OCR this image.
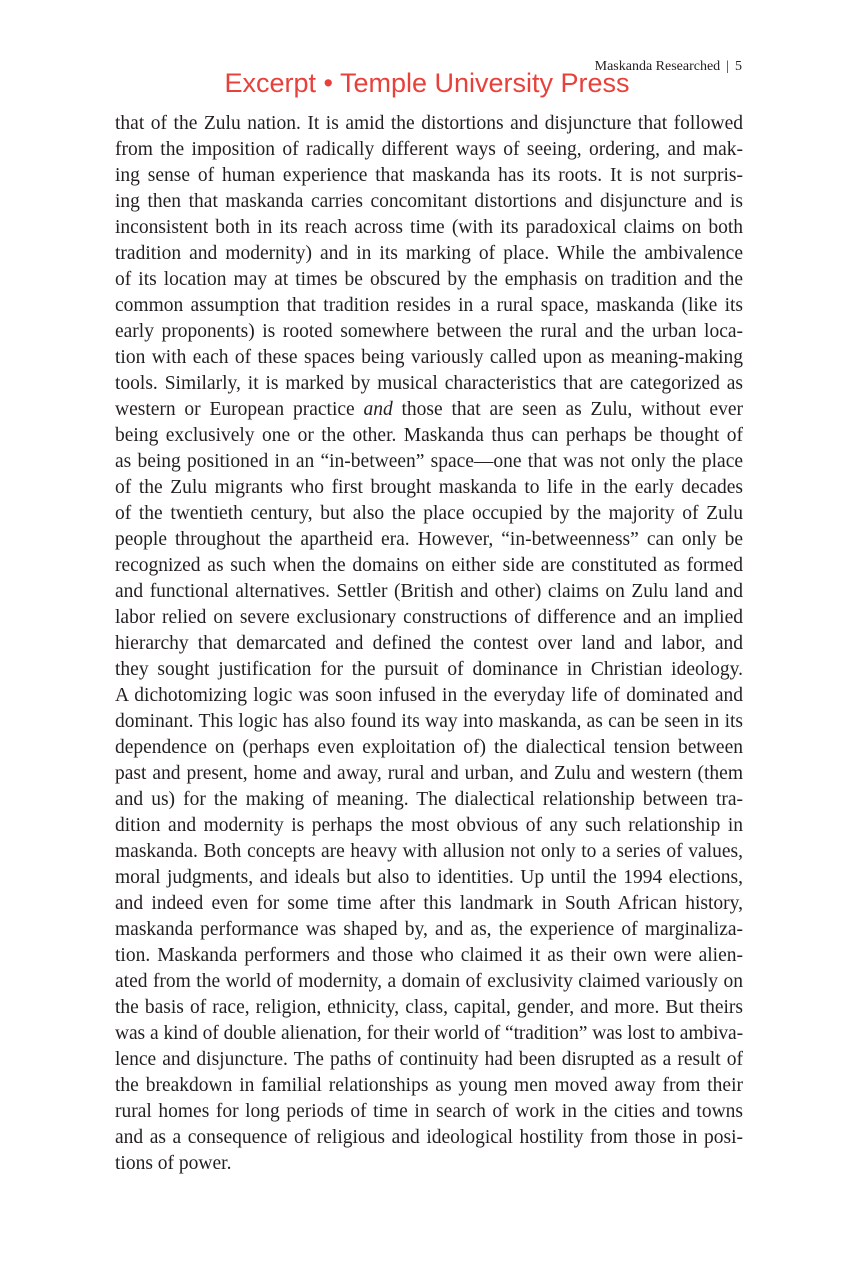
Maskanda Researched | 5
Excerpt • Temple University Press
that of the Zulu nation. It is amid the distortions and disjuncture that followed
from the imposition of radically different ways of seeing, ordering, and mak-
ing sense of human experience that maskanda has its roots. It is not surpris-
ing then that maskanda carries concomitant distortions and disjuncture and is
inconsistent both in its reach across time (with its paradoxical claims on both
tradition and modernity) and in its marking of place. While the ambivalence
of its location may at times be obscured by the emphasis on tradition and the
common assumption that tradition resides in a rural space, maskanda (like its
early proponents) is rooted somewhere between the rural and the urban loca-
tion with each of these spaces being variously called upon as meaning-making
tools. Similarly, it is marked by musical characteristics that are categorized as
western or European practice and those that are seen as Zulu, without ever
being exclusively one or the other. Maskanda thus can perhaps be thought of
as being positioned in an “in-between” space—one that was not only the place
of the Zulu migrants who first brought maskanda to life in the early decades
of the twentieth century, but also the place occupied by the majority of Zulu
people throughout the apartheid era. However, “in-betweenness” can only be
recognized as such when the domains on either side are constituted as formed
and functional alternatives. Settler (British and other) claims on Zulu land and
labor relied on severe exclusionary constructions of difference and an implied
hierarchy that demarcated and defined the contest over land and labor, and
they sought justification for the pursuit of dominance in Christian ideology.
A dichotomizing logic was soon infused in the everyday life of dominated and
dominant. This logic has also found its way into maskanda, as can be seen in its
dependence on (perhaps even exploitation of) the dialectical tension between
past and present, home and away, rural and urban, and Zulu and western (them
and us) for the making of meaning. The dialectical relationship between tra-
dition and modernity is perhaps the most obvious of any such relationship in
maskanda. Both concepts are heavy with allusion not only to a series of values,
moral judgments, and ideals but also to identities. Up until the 1994 elections,
and indeed even for some time after this landmark in South African history,
maskanda performance was shaped by, and as, the experience of marginaliza-
tion. Maskanda performers and those who claimed it as their own were alien-
ated from the world of modernity, a domain of exclusivity claimed variously on
the basis of race, religion, ethnicity, class, capital, gender, and more. But theirs
was a kind of double alienation, for their world of “tradition” was lost to ambiva-
lence and disjuncture. The paths of continuity had been disrupted as a result of
the breakdown in familial relationships as young men moved away from their
rural homes for long periods of time in search of work in the cities and towns
and as a consequence of religious and ideological hostility from those in posi-
tions of power.
